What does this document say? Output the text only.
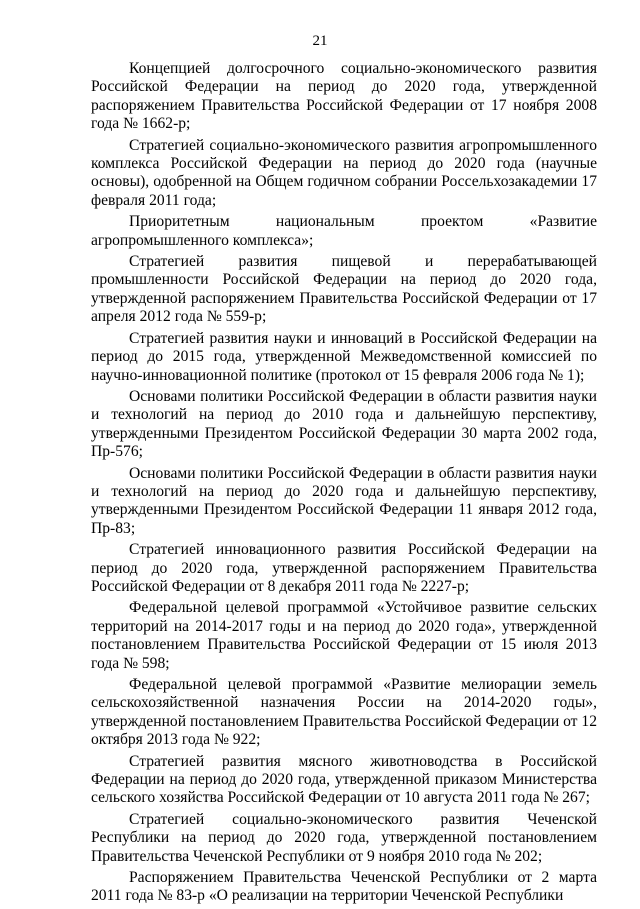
21

Концепцией долгосрочного социально-экономического развития Российской Федерации на период до 2020 года, утвержденной распоряжением Правительства Российской Федерации от 17 ноября 2008 года № 1662-р;

Стратегией социально-экономического развития агропромышленного комплекса Российской Федерации на период до 2020 года (научные основы), одобренной на Общем годичном собрании Россельхозакадемии 17 февраля 2011 года;

Приоритетным национальным проектом «Развитие агропромышленного комплекса»;

Стратегией развития пищевой и перерабатывающей промышленности Российской Федерации на период до 2020 года, утвержденной распоряжением Правительства Российской Федерации от 17 апреля 2012 года № 559-р;

Стратегией развития науки и инноваций в Российской Федерации на период до 2015 года, утвержденной Межведомственной комиссией по научно-инновационной политике (протокол от 15 февраля 2006 года № 1);

Основами политики Российской Федерации в области развития науки и технологий на период до 2010 года и дальнейшую перспективу, утвержденными Президентом Российской Федерации 30 марта 2002 года, Пр-576;

Основами политики Российской Федерации в области развития науки и технологий на период до 2020 года и дальнейшую перспективу, утвержденными Президентом Российской Федерации 11 января 2012 года, Пр-83;

Стратегией инновационного развития Российской Федерации на период до 2020 года, утвержденной распоряжением Правительства Российской Федерации от 8 декабря 2011 года № 2227-р;

Федеральной целевой программой «Устойчивое развитие сельских территорий на 2014-2017 годы и на период до 2020 года», утвержденной постановлением Правительства Российской Федерации от 15 июля 2013 года № 598;

Федеральной целевой программой «Развитие мелиорации земель сельскохозяйственной назначения России на 2014-2020 годы», утвержденной постановлением Правительства Российской Федерации от 12 октября 2013 года № 922;

Стратегией развития мясного животноводства в Российской Федерации на период до 2020 года, утвержденной приказом Министерства сельского хозяйства Российской Федерации от 10 августа 2011 года № 267;

Стратегией социально-экономического развития Чеченской Республики на период до 2020 года, утвержденной постановлением Правительства Чеченской Республики от 9 ноября 2010 года № 202;

Распоряжением Правительства Чеченской Республики от 2 марта 2011 года № 83-р «О реализации на территории Чеченской Республики
